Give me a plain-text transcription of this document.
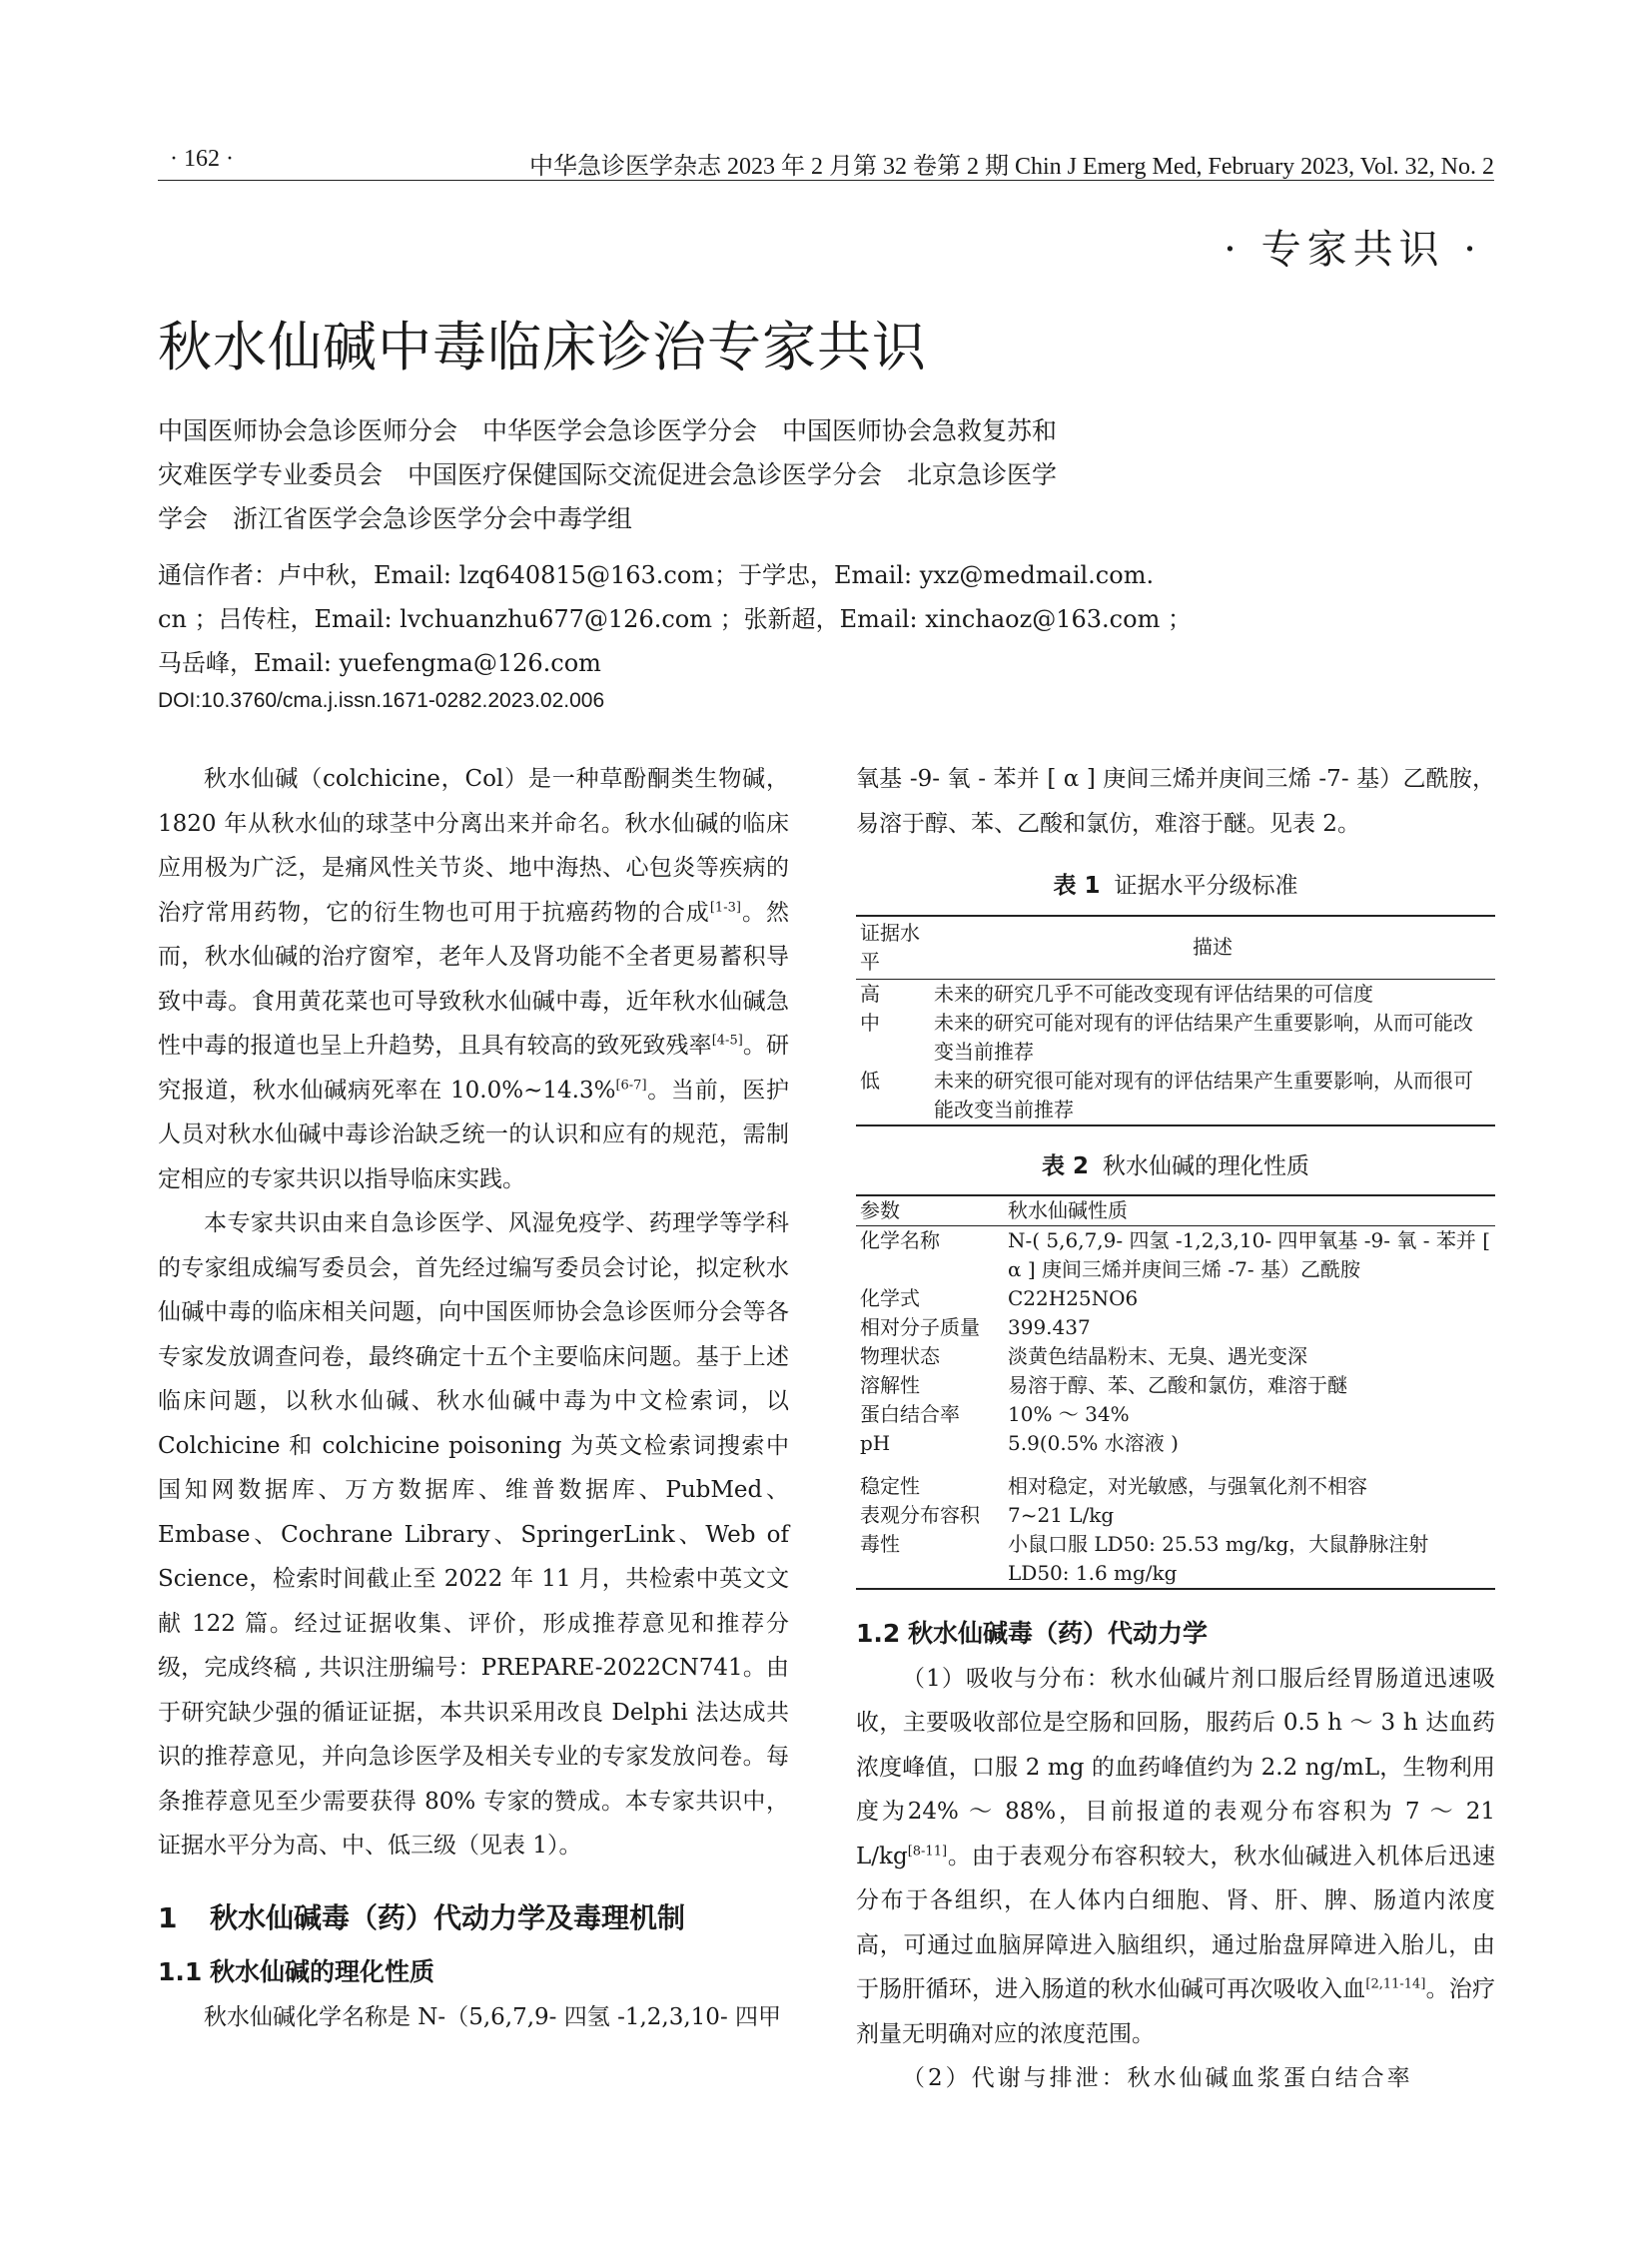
· 162 ·	中华急诊医学杂志 2023 年 2 月第 32 卷第 2 期 Chin J Emerg Med, February 2023, Vol. 32, No. 2
· 专家共识 ·
秋水仙碱中毒临床诊治专家共识
中国医师协会急诊医师分会　中华医学会急诊医学分会　中国医师协会急救复苏和
灾难医学专业委员会　中国医疗保健国际交流促进会急诊医学分会　北京急诊医学
学会　浙江省医学会急诊医学分会中毒学组
通信作者：卢中秋，Email: lzq640815@163.com；于学忠，Email: yxz@medmail.com.
cn ；吕传柱，Email: lvchuanzhu677@126.com ；张新超，Email: xinchaoz@163.com ；
马岳峰，Email: yuefengma@126.com
DOI:10.3760/cma.j.issn.1671-0282.2023.02.006

秋水仙碱（colchicine，Col）是一种草酚酮类生物碱，1820 年从秋水仙的球茎中分离出来并命名。秋水仙碱的临床应用极为广泛，是痛风性关节炎、地中海热、心包炎等疾病的治疗常用药物，它的衍生物也可用于抗癌药物的合成[1-3]。然而，秋水仙碱的治疗窗窄，老年人及肾功能不全者更易蓄积导致中毒。食用黄花菜也可导致秋水仙碱中毒，近年秋水仙碱急性中毒的报道也呈上升趋势，且具有较高的致死致残率[4-5]。研究报道，秋水仙碱病死率在 10.0%~14.3%[6-7]。当前，医护人员对秋水仙碱中毒诊治缺乏统一的认识和应有的规范，需制定相应的专家共识以指导临床实践。

本专家共识由来自急诊医学、风湿免疫学、药理学等学科的专家组成编写委员会，首先经过编写委员会讨论，拟定秋水仙碱中毒的临床相关问题，向中国医师协会急诊医师分会等各专家发放调查问卷，最终确定十五个主要临床问题。基于上述临床问题，以秋水仙碱、秋水仙碱中毒为中文检索词，以 Colchicine 和 colchicine poisoning 为英文检索词搜索中国知网数据库、万方数据库、维普数据库、PubMed、Embase、Cochrane Library、SpringerLink、Web of Science，检索时间截止至 2022 年 11 月，共检索中英文文献 122 篇。经过证据收集、评价，形成推荐意见和推荐分级，完成终稿 , 共识注册编号：PREPARE-2022CN741。由于研究缺少强的循证证据，本共识采用改良 Delphi 法达成共识的推荐意见，并向急诊医学及相关专业的专家发放问卷。每条推荐意见至少需要获得 80% 专家的赞成。本专家共识中，证据水平分为高、中、低三级（见表 1）。

1 秋水仙碱毒（药）代动力学及毒理机制
1.1 秋水仙碱的理化性质

秋水仙碱化学名称是 N-（5,6,7,9- 四氢 -1,2,3,10- 四甲

氧基 -9- 氧 - 苯并 [ α ] 庚间三烯并庚间三烯 -7- 基）乙酰胺，易溶于醇、苯、乙酸和氯仿，难溶于醚。见表 2。

表 1 证据水平分级标准
证据水平	描述
高	未来的研究几乎不可能改变现有评估结果的可信度
中	未来的研究可能对现有的评估结果产生重要影响，从而可能改变当前推荐
低	未来的研究很可能对现有的评估结果产生重要影响，从而很可能改变当前推荐
表 2 秋水仙碱的理化性质
参数	秋水仙碱性质
化学名称	N-( 5,6,7,9- 四氢 -1,2,3,10- 四甲氧基 -9- 氧 - 苯并 [ α ] 庚间三烯并庚间三烯 -7- 基）乙酰胺
化学式	C22H25NO6
相对分子质量	399.437
物理状态	淡黄色结晶粉末、无臭、遇光变深
溶解性	易溶于醇、苯、乙酸和氯仿，难溶于醚
蛋白结合率	10% ～ 34%
pH	5.9(0.5% 水溶液 )
稳定性	相对稳定，对光敏感，与强氧化剂不相容
表观分布容积	7~21 L/kg
毒性	小鼠口服 LD50: 25.53 mg/kg，大鼠静脉注射 LD50: 1.6 mg/kg
1.2 秋水仙碱毒（药）代动力学

（1）吸收与分布：秋水仙碱片剂口服后经胃肠道迅速吸收，主要吸收部位是空肠和回肠，服药后 0.5 h ～ 3 h 达血药浓度峰值，口服 2 mg 的血药峰值约为 2.2 ng/mL，生物利用度为24% ～ 88%，目前报道的表观分布容积为 7 ～ 21 L/kg[8-11]。由于表观分布容积较大，秋水仙碱进入机体后迅速分布于各组织，在人体内白细胞、肾、肝、脾、肠道内浓度高，可通过血脑屏障进入脑组织，通过胎盘屏障进入胎儿，由于肠肝循环，进入肠道的秋水仙碱可再次吸收入血[2,11-14]。治疗剂量无明确对应的浓度范围。

（2）代谢与排泄：秋水仙碱血浆蛋白结合率
